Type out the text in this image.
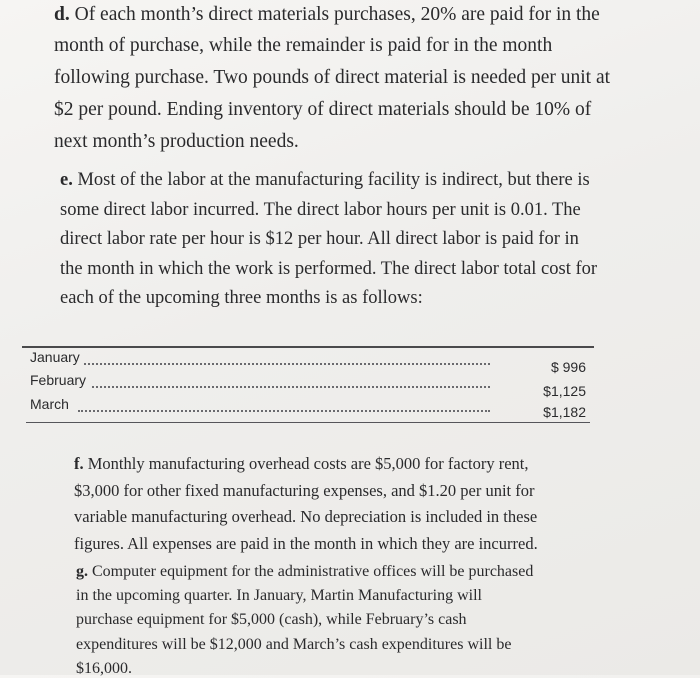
d. Of each month’s direct materials purchases, 20% are paid for in the
month of purchase, while the remainder is paid for in the month
following purchase. Two pounds of direct material is needed per unit at
$2 per pound. Ending inventory of direct materials should be 10% of
next month’s production needs.
e. Most of the labor at the manufacturing facility is indirect, but there is
some direct labor incurred. The direct labor hours per unit is 0.01. The
direct labor rate per hour is $12 per hour. All direct labor is paid for in
the month in which the work is performed. The direct labor total cost for
each of the upcoming three months is as follows:
January
$ 996
February
$1,125
March	$1,182
f. Monthly manufacturing overhead costs are $5,000 for factory rent,
$3,000 for other fixed manufacturing expenses, and $1.20 per unit for
variable manufacturing overhead. No depreciation is included in these
figures. All expenses are paid in the month in which they are incurred.
g. Computer equipment for the administrative offices will be purchased
in the upcoming quarter. In January, Martin Manufacturing will
purchase equipment for $5,000 (cash), while February’s cash
expenditures will be $12,000 and March’s cash expenditures will be
$16,000.
